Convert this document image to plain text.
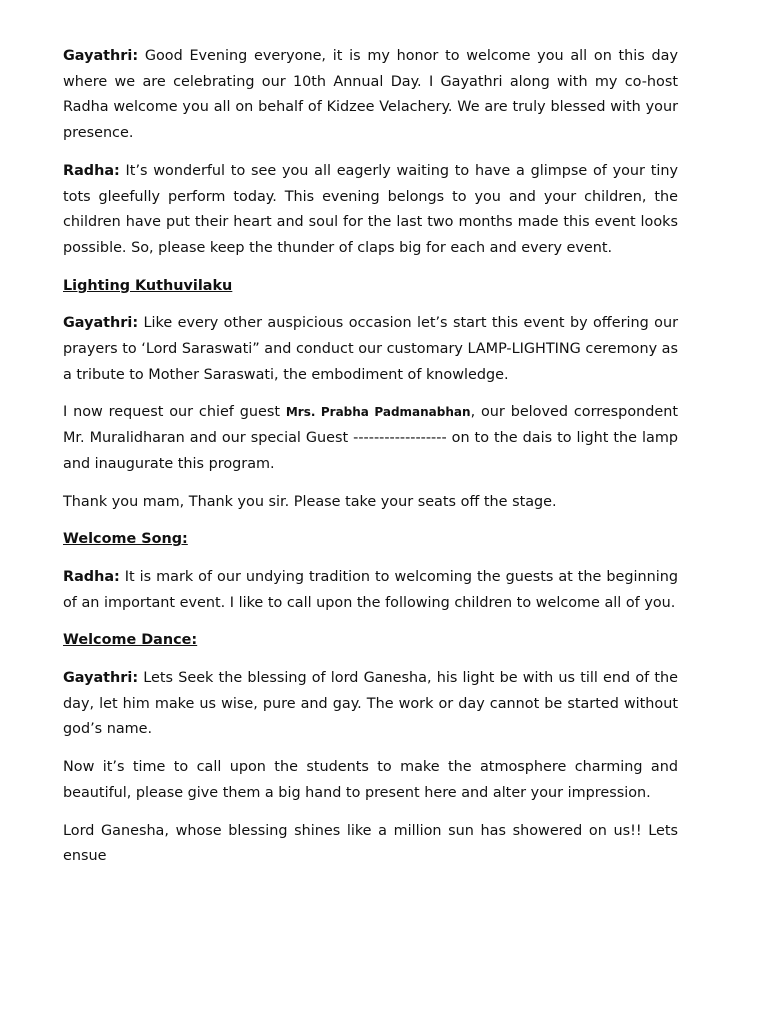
Gayathri: Good Evening everyone, it is my honor to welcome you all on this day where we are celebrating our 10th Annual Day. I Gayathri along with my co-host Radha welcome you all on behalf of Kidzee Velachery. We are truly blessed with your presence.

Radha: It’s wonderful to see you all eagerly waiting to have a glimpse of your tiny tots gleefully perform today. This evening belongs to you and your children, the children have put their heart and soul for the last two months made this event looks possible. So, please keep the thunder of claps big for each and every event.

Lighting Kuthuvilaku

Gayathri: Like every other auspicious occasion let’s start this event by offering our prayers to ‘Lord Saraswati” and conduct our customary LAMP-LIGHTING ceremony as a tribute to Mother Saraswati, the embodiment of knowledge.

I now request our chief guest Mrs. Prabha Padmanabhan, our beloved correspondent Mr. Muralidharan and our special Guest ------------------ on to the dais to light the lamp and inaugurate this program.

Thank you mam, Thank you sir. Please take your seats off the stage.

Welcome Song:

Radha: It is mark of our undying tradition to welcoming the guests at the beginning of an important event. I like to call upon the following children to welcome all of you.

Welcome Dance:

Gayathri: Lets Seek the blessing of lord Ganesha, his light be with us till end of the day, let him make us wise, pure and gay. The work or day cannot be started without god’s name.

Now it’s time to call upon the students to make the atmosphere charming and beautiful, please give them a big hand to present here and alter your impression.

Lord Ganesha, whose blessing shines like a million sun has showered on us!! Lets ensue
